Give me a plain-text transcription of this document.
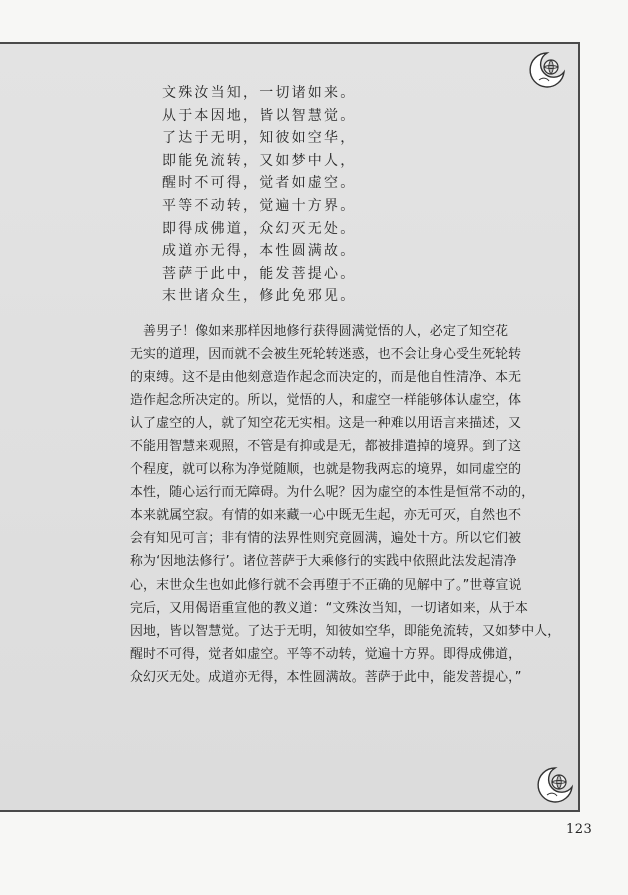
文殊汝当知，一切诸如来。
从于本因地，皆以智慧觉。
了达于无明，知彼如空华，
即能免流转，又如梦中人，
醒时不可得，觉者如虚空。
平等不动转，觉遍十方界。
即得成佛道，众幻灭无处。
成道亦无得，本性圆满故。
菩萨于此中，能发菩提心。
末世诸众生，修此免邪见。
　善男子！像如来那样因地修行获得圆满觉悟的人，必定了知空花
无实的道理，因而就不会被生死轮转迷惑，也不会让身心受生死轮转
的束缚。这不是由他刻意造作起念而决定的，而是他自性清净、本无
造作起念所决定的。所以，觉悟的人，和虚空一样能够体认虚空，体
认了虚空的人，就了知空花无实相。这是一种难以用语言来描述，又
不能用智慧来观照，不管是有抑或是无，都被排遣掉的境界。到了这
个程度，就可以称为净觉随顺，也就是物我两忘的境界，如同虚空的
本性，随心运行而无障碍。为什么呢？因为虚空的本性是恒常不动的，
本来就属空寂。有情的如来藏一心中既无生起，亦无可灭，自然也不
会有知见可言；非有情的法界性则究竟圆满，遍处十方。所以它们被
称为‘因地法修行’。诸位菩萨于大乘修行的实践中依照此法发起清净
心，末世众生也如此修行就不会再堕于不正确的见解中了。”世尊宣说
完后，又用偈语重宣他的教义道：“文殊汝当知，一切诸如来，从于本
因地，皆以智慧觉。了达于无明，知彼如空华，即能免流转，又如梦中人，
醒时不可得，觉者如虚空。平等不动转，觉遍十方界。即得成佛道，
众幻灭无处。成道亦无得，本性圆满故。菩萨于此中，能发菩提心，”
123
